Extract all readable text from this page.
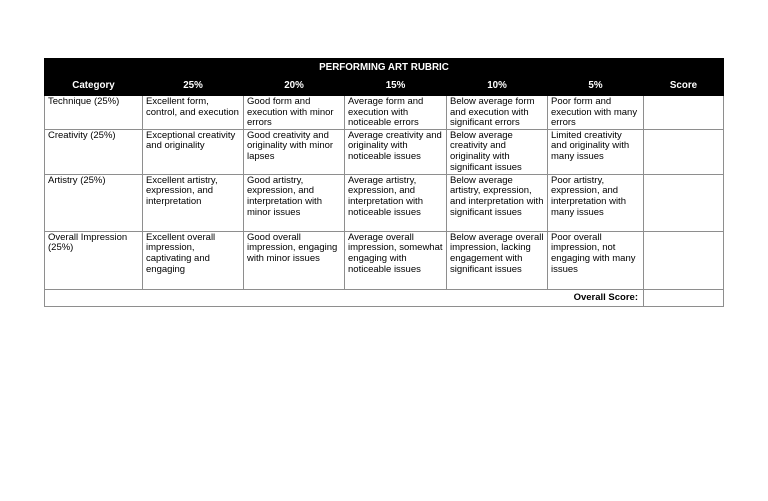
PERFORMING ART RUBRIC						
Category	25%	20%	15%	10%	5%	Score
Technique (25%)	Excellent form, control, and execution	Good form and execution with minor errors	Average form and execution with noticeable errors	Below average form and execution with significant errors	Poor form and execution with many errors	
Creativity (25%)	Exceptional creativity and originality	Good creativity and originality with minor lapses	Average creativity and originality with noticeable issues	Below average creativity and originality with significant issues	Limited creativity and originality with many issues	
Artistry (25%)	Excellent artistry, expression, and interpretation	Good artistry, expression, and interpretation with minor issues	Average artistry, expression, and interpretation with noticeable issues	Below average artistry, expression, and interpretation with significant issues	Poor artistry, expression, and interpretation with many issues	
Overall Impression (25%)	Excellent overall impression, captivating and engaging	Good overall impression, engaging with minor issues	Average overall impression, somewhat engaging with noticeable issues	Below average overall impression, lacking engagement with significant issues	Poor overall impression, not engaging with many issues	
Overall Score:						
